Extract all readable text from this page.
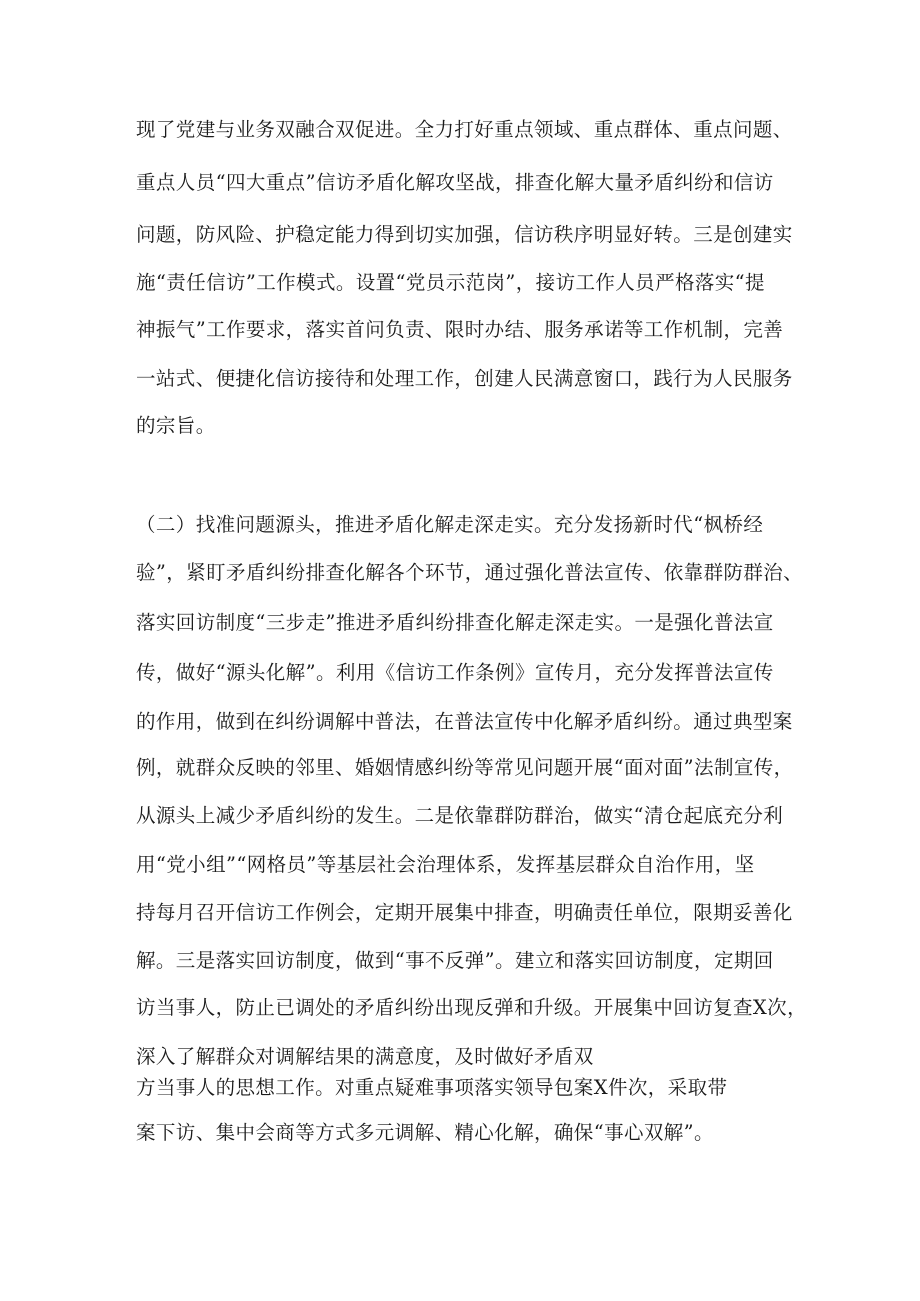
现了党建与业务双融合双促进。全力打好重点领域、重点群体、重点问题、
重点人员“四大重点”信访矛盾化解攻坚战，排查化解大量矛盾纠纷和信访
问题，防风险、护稳定能力得到切实加强，信访秩序明显好转。三是创建实
施“责任信访”工作模式。设置“党员示范岗”，接访工作人员严格落实“提
神振气”工作要求，落实首问负责、限时办结、服务承诺等工作机制，完善
一站式、便捷化信访接待和处理工作，创建人民满意窗口，践行为人民服务
的宗旨。
（二）找准问题源头，推进矛盾化解走深走实。充分发扬新时代“枫桥经
验”，紧盯矛盾纠纷排查化解各个环节，通过强化普法宣传、依靠群防群治、
落实回访制度“三步走”推进矛盾纠纷排查化解走深走实。一是强化普法宣
传，做好“源头化解”。利用《信访工作条例》宣传月，充分发挥普法宣传
的作用，做到在纠纷调解中普法，在普法宣传中化解矛盾纠纷。通过典型案
例，就群众反映的邻里、婚姻情感纠纷等常见问题开展“面对面”法制宣传，
从源头上减少矛盾纠纷的发生。二是依靠群防群治，做实“清仓起底充分利
用“党小组”“网格员”等基层社会治理体系，发挥基层群众自治作用，坚
持每月召开信访工作例会，定期开展集中排查，明确责任单位，限期妥善化
解。三是落实回访制度，做到“事不反弹”。建立和落实回访制度，定期回
访当事人，防止已调处的矛盾纠纷出现反弹和升级。开展集中回访复查X次，
深入了解群众对调解结果的满意度，及时做好矛盾双
方当事人的思想工作。对重点疑难事项落实领导包案X件次，采取带
案下访、集中会商等方式多元调解、精心化解，确保“事心双解”。
